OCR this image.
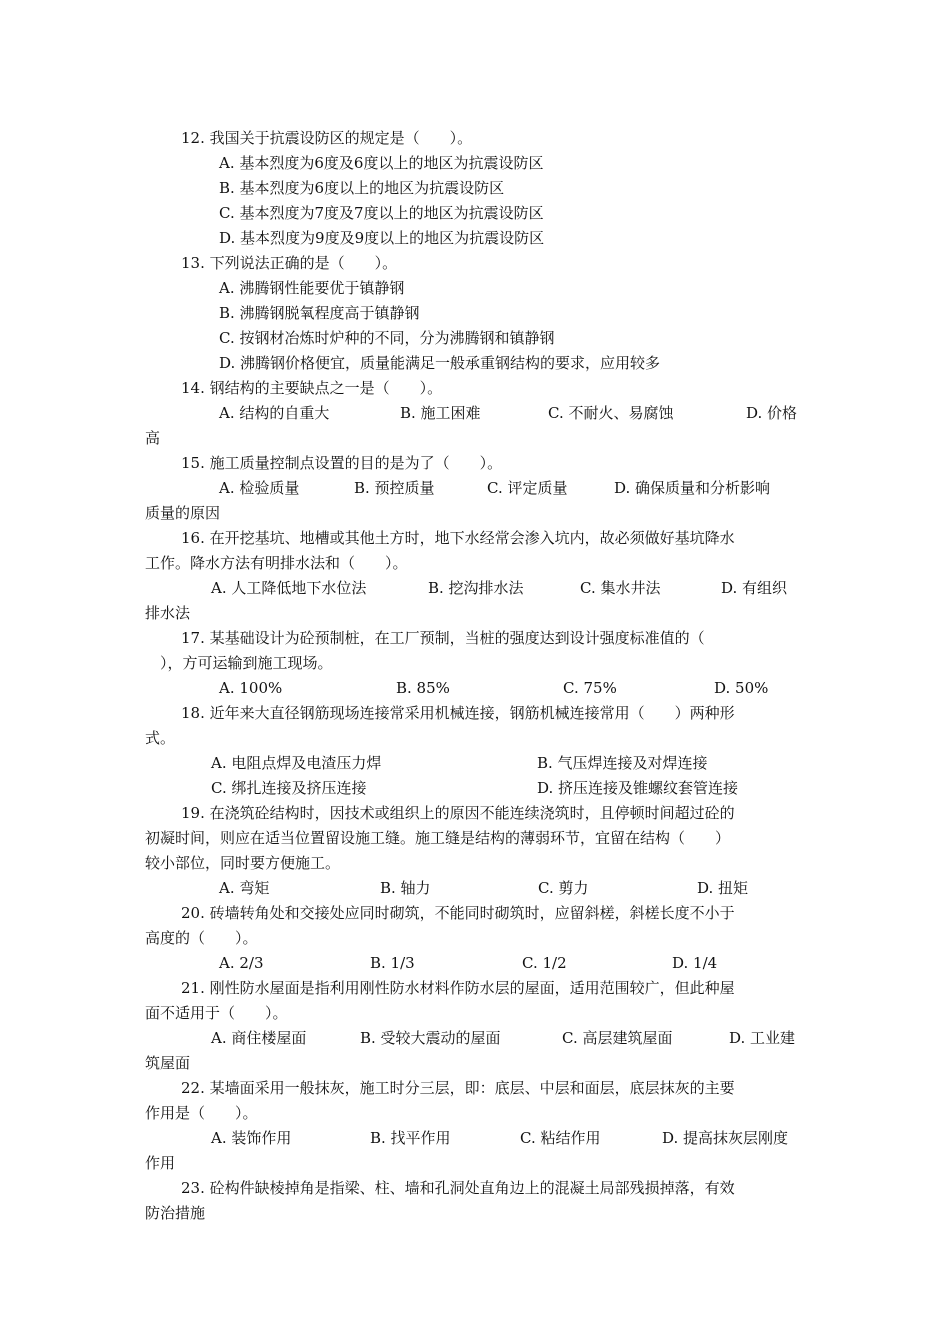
12. 我国关于抗震设防区的规定是（　　）。
A. 基本烈度为6度及6度以上的地区为抗震设防区
B. 基本烈度为6度以上的地区为抗震设防区
C. 基本烈度为7度及7度以上的地区为抗震设防区
D. 基本烈度为9度及9度以上的地区为抗震设防区
13. 下列说法正确的是（　　）。
A. 沸腾钢性能要优于镇静钢
B. 沸腾钢脱氧程度高于镇静钢
C. 按钢材冶炼时炉种的不同，分为沸腾钢和镇静钢
D. 沸腾钢价格便宜，质量能满足一般承重钢结构的要求，应用较多
14. 钢结构的主要缺点之一是（　　）。
A. 结构的自重大	B. 施工困难	C. 不耐火、易腐蚀	D. 价格
高
15. 施工质量控制点设置的目的是为了（　　）。
A. 检验质量	B. 预控质量	C. 评定质量	D. 确保质量和分析影响
质量的原因
16. 在开挖基坑、地槽或其他土方时，地下水经常会渗入坑内，故必须做好基坑降水
工作。降水方法有明排水法和（　　）。
A. 人工降低地下水位法	B. 挖沟排水法	C. 集水井法	D. 有组织
排水法
17. 某基础设计为砼预制桩，在工厂预制，当桩的强度达到设计强度标准值的（
　），方可运输到施工现场。
A. 100%	B. 85%	C. 75%	D. 50%
18. 近年来大直径钢筋现场连接常采用机械连接，钢筋机械连接常用（　　）两种形
式。
A. 电阻点焊及电渣压力焊	B. 气压焊连接及对焊连接
C. 绑扎连接及挤压连接	D. 挤压连接及锥螺纹套管连接
19. 在浇筑砼结构时，因技术或组织上的原因不能连续浇筑时，且停顿时间超过砼的
初凝时间，则应在适当位置留设施工缝。施工缝是结构的薄弱环节，宜留在结构（　　）
较小部位，同时要方便施工。
A. 弯矩	B. 轴力	C. 剪力	D. 扭矩
20. 砖墙转角处和交接处应同时砌筑，不能同时砌筑时，应留斜槎，斜槎长度不小于
高度的（　　）。
A. 2/3	B. 1/3	C. 1/2	D. 1/4
21. 刚性防水屋面是指利用刚性防水材料作防水层的屋面，适用范围较广，但此种屋
面不适用于（　　）。
A. 商住楼屋面	B. 受较大震动的屋面	C. 高层建筑屋面	D. 工业建
筑屋面
22. 某墙面采用一般抹灰，施工时分三层，即：底层、中层和面层，底层抹灰的主要
作用是（　　）。
A. 装饰作用	B. 找平作用	C. 粘结作用	D. 提高抹灰层刚度
作用
23. 砼构件缺棱掉角是指梁、柱、墙和孔洞处直角边上的混凝土局部残损掉落，有效
防治措施
